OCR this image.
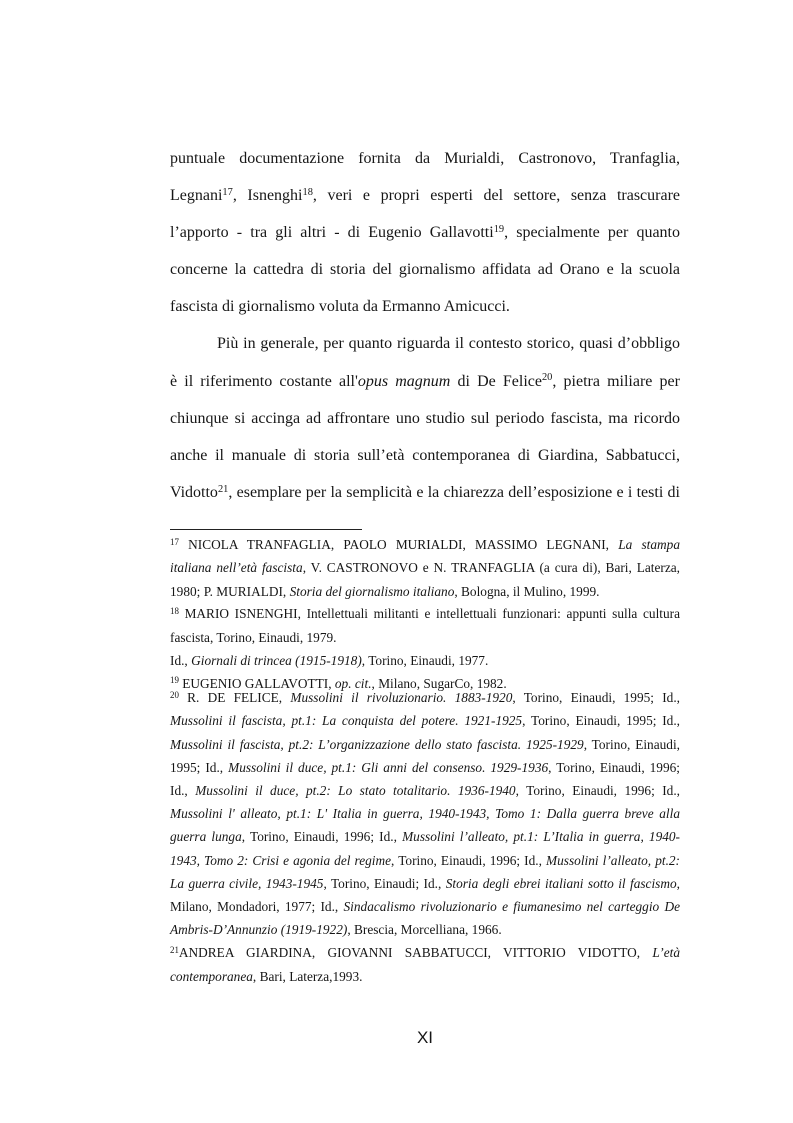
puntuale documentazione fornita da Murialdi, Castronovo, Tranfaglia,
Legnani$^{17}$, Isnenghi$^{18}$, veri e propri esperti del settore, senza trascurare
l’apporto - tra gli altri - di Eugenio Gallavotti$^{19}$, specialmente per quanto
concerne la cattedra di storia del giornalismo affidata ad Orano e la scuola
fascista di giornalismo voluta da Ermanno Amicucci.
Più in generale, per quanto riguarda il contesto storico, quasi d’obbligo
è il riferimento costante all'opus magnum di De Felice$^{20}$, pietra miliare per
chiunque si accinga ad affrontare uno studio sul periodo fascista, ma ricordo
anche il manuale di storia sull’età contemporanea di Giardina, Sabbatucci,
Vidotto$^{21}$, esemplare per la semplicità e la chiarezza dell’esposizione e i testi di
$^{17}$ NICOLA TRANFAGLIA, PAOLO MURIALDI, MASSIMO LEGNANI, La stampa
italiana nell’età fascista, V. CASTRONOVO e N. TRANFAGLIA (a cura di), Bari, Laterza,
1980; P. MURIALDI, Storia del giornalismo italiano, Bologna, il Mulino, 1999.
$^{18}$ MARIO ISNENGHI, Intellettuali militanti e intellettuali funzionari: appunti sulla cultura
fascista, Torino, Einaudi, 1979.
Id., Giornali di trincea (1915-1918), Torino, Einaudi, 1977.
$^{19}$ EUGENIO GALLAVOTTI, op. cit., Milano, SugarCo, 1982.
$^{20}$ R. DE FELICE, Mussolini il rivoluzionario. 1883-1920, Torino, Einaudi, 1995; Id.,
Mussolini il fascista, pt.1: La conquista del potere. 1921-1925, Torino, Einaudi, 1995; Id.,
Mussolini il fascista, pt.2: L’organizzazione dello stato fascista. 1925-1929, Torino, Einaudi,
1995; Id., Mussolini il duce, pt.1: Gli anni del consenso. 1929-1936, Torino, Einaudi, 1996;
Id., Mussolini il duce, pt.2: Lo stato totalitario. 1936-1940, Torino, Einaudi, 1996; Id.,
Mussolini l' alleato, pt.1: L' Italia in guerra, 1940-1943, Tomo 1: Dalla guerra breve alla
guerra lunga, Torino, Einaudi, 1996; Id., Mussolini l’alleato, pt.1: L’Italia in guerra, 1940-
1943, Tomo 2: Crisi e agonia del regime, Torino, Einaudi, 1996; Id., Mussolini l’alleato, pt.2:
La guerra civile, 1943-1945, Torino, Einaudi; Id., Storia degli ebrei italiani sotto il fascismo,
Milano, Mondadori, 1977; Id., Sindacalismo rivoluzionario e fiumanesimo nel carteggio De
Ambris-D’Annunzio (1919-1922), Brescia, Morcelliana, 1966.
$^{21}$ANDREA GIARDINA, GIOVANNI SABBATUCCI, VITTORIO VIDOTTO, L’età
contemporanea, Bari, Laterza,1993.
XI
